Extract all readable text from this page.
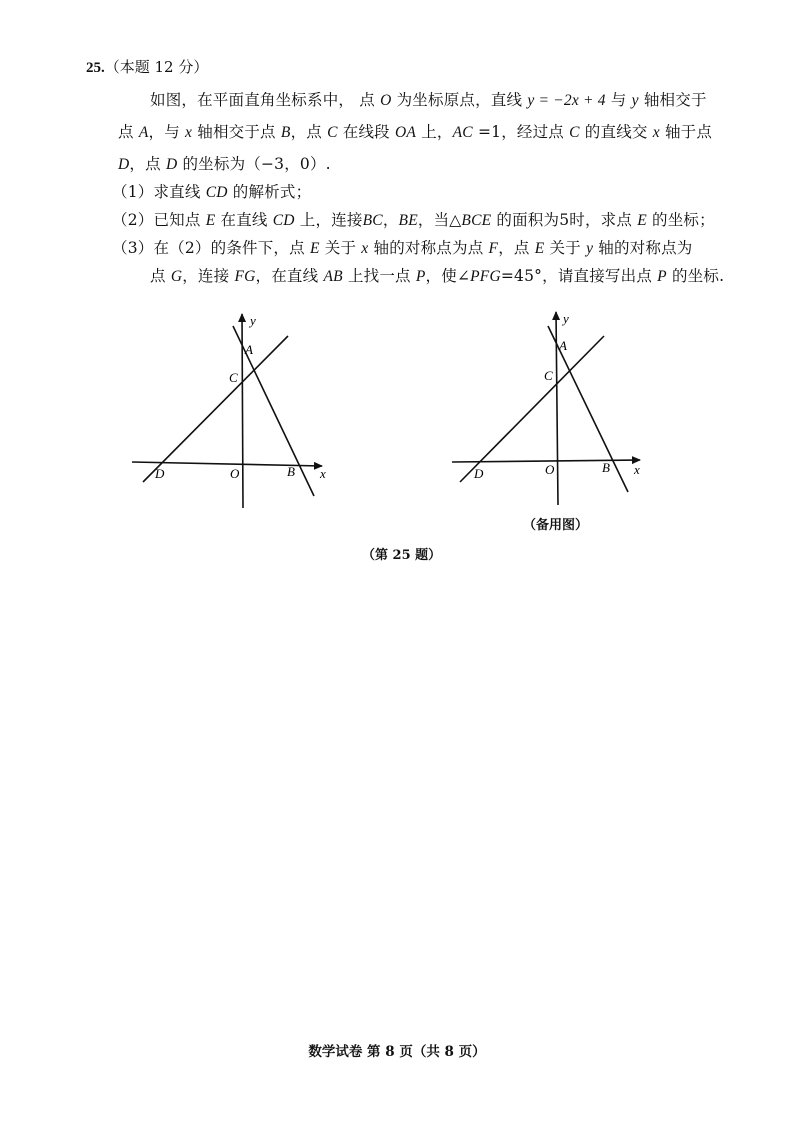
25.（本题 12 分）
如图，在平面直角坐标系中， 点 O 为坐标原点，直线 y = −2x + 4 与 y 轴相交于
点 A，与 x 轴相交于点 B，点 C 在线段 OA 上，AC =1，经过点 C 的直线交 x 轴于点
D，点 D 的坐标为（−3，0）.
（1）求直线 CD 的解析式；
（2）已知点 E 在直线 CD 上，连接BC，BE，当△BCE 的面积为5时，求点 E 的坐标；
（3）在（2）的条件下，点 E 关于 x 轴的对称点为点 F，点 E 关于 y 轴的对称点为
点 G，连接 FG，在直线 AB 上找一点 P，使∠PFG=45°，请直接写出点 P 的坐标.
y
A
C
D	O	B x
y
A
C
D	O	B x
（备用图）
（第 25 题）
数学试卷 第 8 页（共 8 页）
